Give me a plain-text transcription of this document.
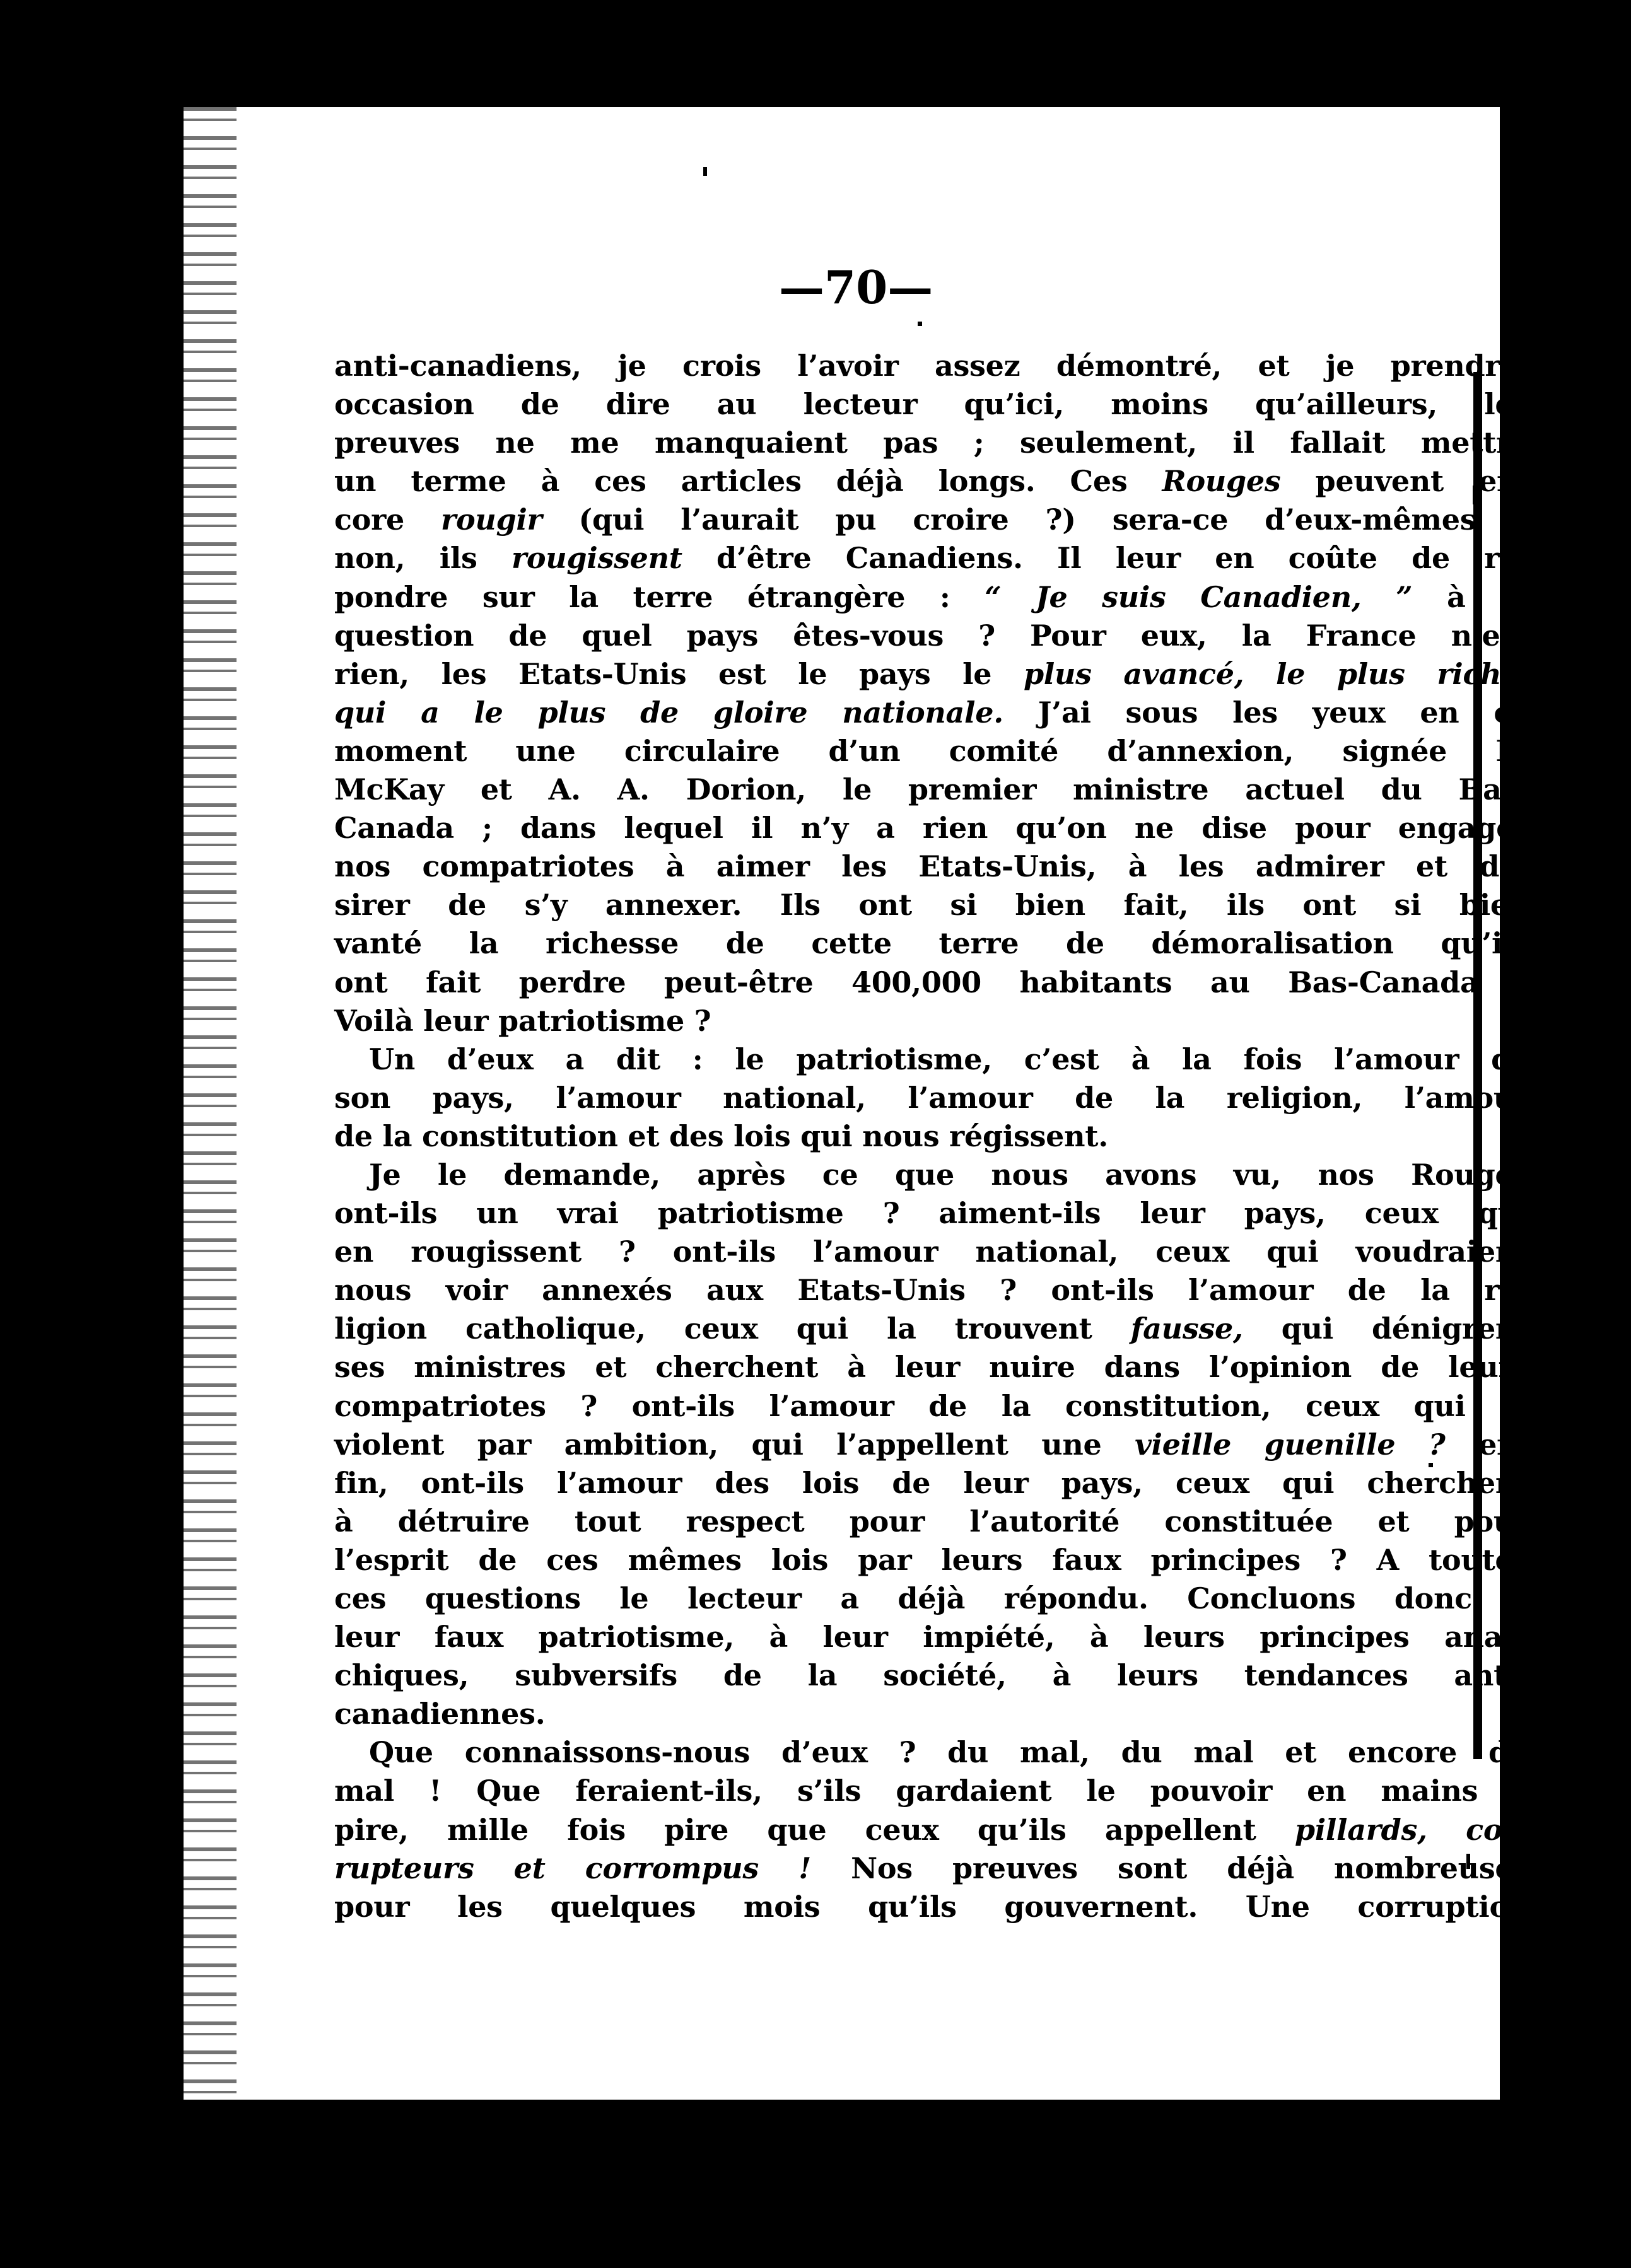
—70—
anti-canadiens, je crois l’avoir assez démontré, et je prendrai
occasion de dire au lecteur qu’ici, moins qu’ailleurs, les
preuves ne me manquaient pas ; seulement, il fallait mettre
un terme à ces articles déjà longs. Ces Rouges peuvent en-
core rougir (qui l’aurait pu croire ?) sera-ce d’eux-mêmes ?
non, ils rougissent d’être Canadiens. Il leur en coûte de ré-
pondre sur la terre étrangère : “ Je suis Canadien, ” à la
question de quel pays êtes-vous ? Pour eux, la France n’est
rien, les Etats-Unis est le pays le plus avancé, le plus riche,
qui a le plus de gloire nationale. J’ai sous les yeux en ce
moment une circulaire d’un comité d’annexion, signée R.
McKay et A. A. Dorion, le premier ministre actuel du Bas-
Canada ; dans lequel il n’y a rien qu’on ne dise pour engager
nos compatriotes à aimer les Etats-Unis, à les admirer et dé-
sirer de s’y annexer. Ils ont si bien fait, ils ont si bien
vanté la richesse de cette terre de démoralisation qu’ils
ont fait perdre peut-être 400,000 habitants au Bas-Canada !
Voilà leur patriotisme ?
Un d’eux a dit : le patriotisme, c’est à la fois l’amour de
son pays, l’amour national, l’amour de la religion, l’amour
de la constitution et des lois qui nous régissent.
Je le demande, après ce que nous avons vu, nos Rouges
ont-ils un vrai patriotisme ? aiment-ils leur pays, ceux qui
en rougissent ? ont-ils l’amour national, ceux qui voudraient
nous voir annexés aux Etats-Unis ? ont-ils l’amour de la re-
ligion catholique, ceux qui la trouvent fausse, qui dénigrent
ses ministres et cherchent à leur nuire dans l’opinion de leurs
compatriotes ? ont-ils l’amour de la constitution, ceux qui la
violent par ambition, qui l’appellent une vieille guenille ? en-
fin, ont-ils l’amour des lois de leur pays, ceux qui cherchent
à détruire tout respect pour l’autorité constituée et pour
l’esprit de ces mêmes lois par leurs faux principes ? A toutes
ces questions le lecteur a déjà répondu. Concluons donc à
leur faux patriotisme, à leur impiété, à leurs principes anar-
chiques, subversifs de la société, à leurs tendances anti-
canadiennes.
Que connaissons-nous d’eux ? du mal, du mal et encore du
mal ! Que feraient-ils, s’ils gardaient le pouvoir en mains ?
pire, mille fois pire que ceux qu’ils appellent pillards, cor-
rupteurs et corrompus ! Nos preuves sont déjà nombreuses
pour les quelques mois qu’ils gouvernent. Une corruption
